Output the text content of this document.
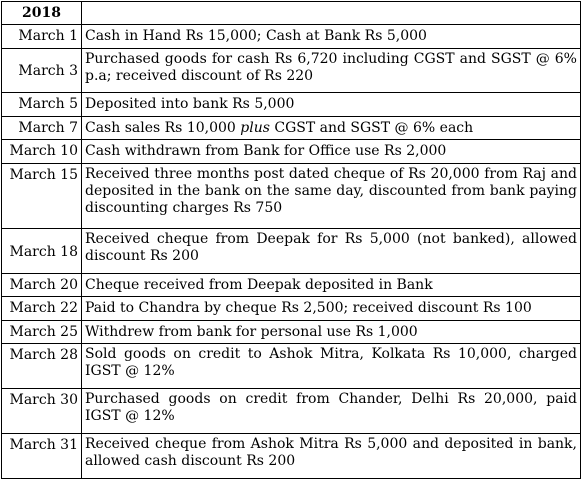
2018	
March 1	Cash in Hand Rs 15,000; Cash at Bank Rs 5,000
March 3	Purchased goods for cash Rs 6,720 including CGST and SGST @ 6% p.a; received discount of Rs 220
March 5	Deposited into bank Rs 5,000
March 7	Cash sales Rs 10,000 plus CGST and SGST @ 6% each
March 10	Cash withdrawn from Bank for Office use Rs 2,000
March 15	Received three months post dated cheque of Rs 20,000 from Raj and deposited in the bank on the same day, discounted from bank paying discounting charges Rs 750
March 18	Received cheque from Deepak for Rs 5,000 (not banked), allowed discount Rs 200
March 20	Cheque received from Deepak deposited in Bank
March 22	Paid to Chandra by cheque Rs 2,500; received discount Rs 100
March 25	Withdrew from bank for personal use Rs 1,000
March 28	Sold goods on credit to Ashok Mitra, Kolkata Rs 10,000, charged IGST @ 12%
March 30	Purchased goods on credit from Chander, Delhi Rs 20,000, paid IGST @ 12%
March 31	Received cheque from Ashok Mitra Rs 5,000 and deposited in bank, allowed cash discount Rs 200
